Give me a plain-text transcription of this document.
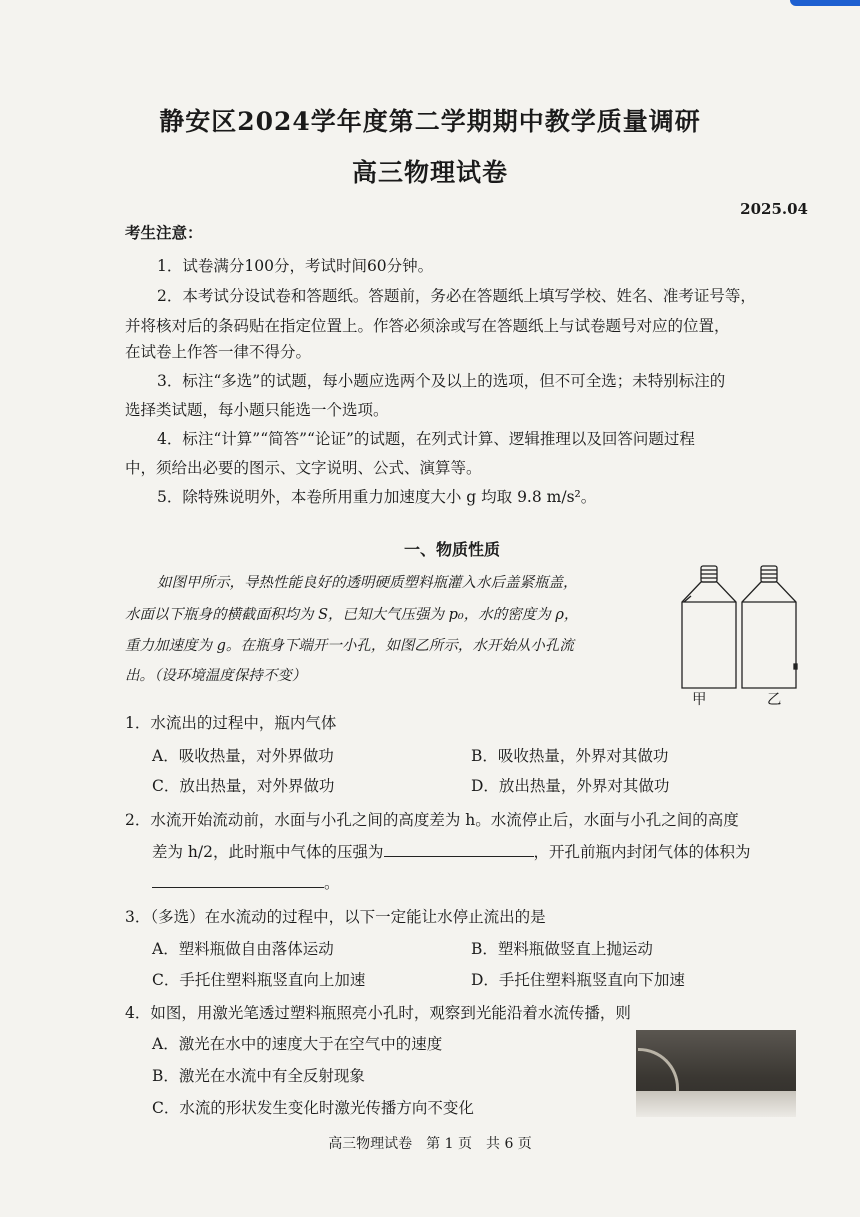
静安区2024学年度第二学期期中教学质量调研
高三物理试卷
2025.04
考生注意：
1．试卷满分100分，考试时间60分钟。
2．本考试分设试卷和答题纸。答题前，务必在答题纸上填写学校、姓名、准考证号等，
并将核对后的条码贴在指定位置上。作答必须涂或写在答题纸上与试卷题号对应的位置，
在试卷上作答一律不得分。
3．标注“多选”的试题，每小题应选两个及以上的选项，但不可全选；未特别标注的
选择类试题，每小题只能选一个选项。
4．标注“计算”“简答”“论证”的试题，在列式计算、逻辑推理以及回答问题过程
中，须给出必要的图示、文字说明、公式、演算等。
5．除特殊说明外，本卷所用重力加速度大小 g 均取 9.8 m/s²。
一、物质性质
如图甲所示，导热性能良好的透明硬质塑料瓶灌入水后盖紧瓶盖，
水面以下瓶身的横截面积均为 S，已知大气压强为 p₀，水的密度为 ρ，
重力加速度为 g。在瓶身下端开一小孔，如图乙所示，水开始从小孔流
出。（设环境温度保持不变）
甲	乙
1．水流出的过程中，瓶内气体
A．吸收热量，对外界做功	B．吸收热量，外界对其做功
C．放出热量，对外界做功	D．放出热量，外界对其做功
2．水流开始流动前，水面与小孔之间的高度差为 h。水流停止后，水面与小孔之间的高度
差为 h/2，此时瓶中气体的压强为	，开孔前瓶内封闭气体的体积为
。
3．（多选）在水流动的过程中，以下一定能让水停止流出的是
A．塑料瓶做自由落体运动	B．塑料瓶做竖直上抛运动
C．手托住塑料瓶竖直向上加速	D．手托住塑料瓶竖直向下加速
4．如图，用激光笔透过塑料瓶照亮小孔时，观察到光能沿着水流传播，则
A．激光在水中的速度大于在空气中的速度
B．激光在水流中有全反射现象
C．水流的形状发生变化时激光传播方向不变化
高三物理试卷　第 1 页　共 6 页
